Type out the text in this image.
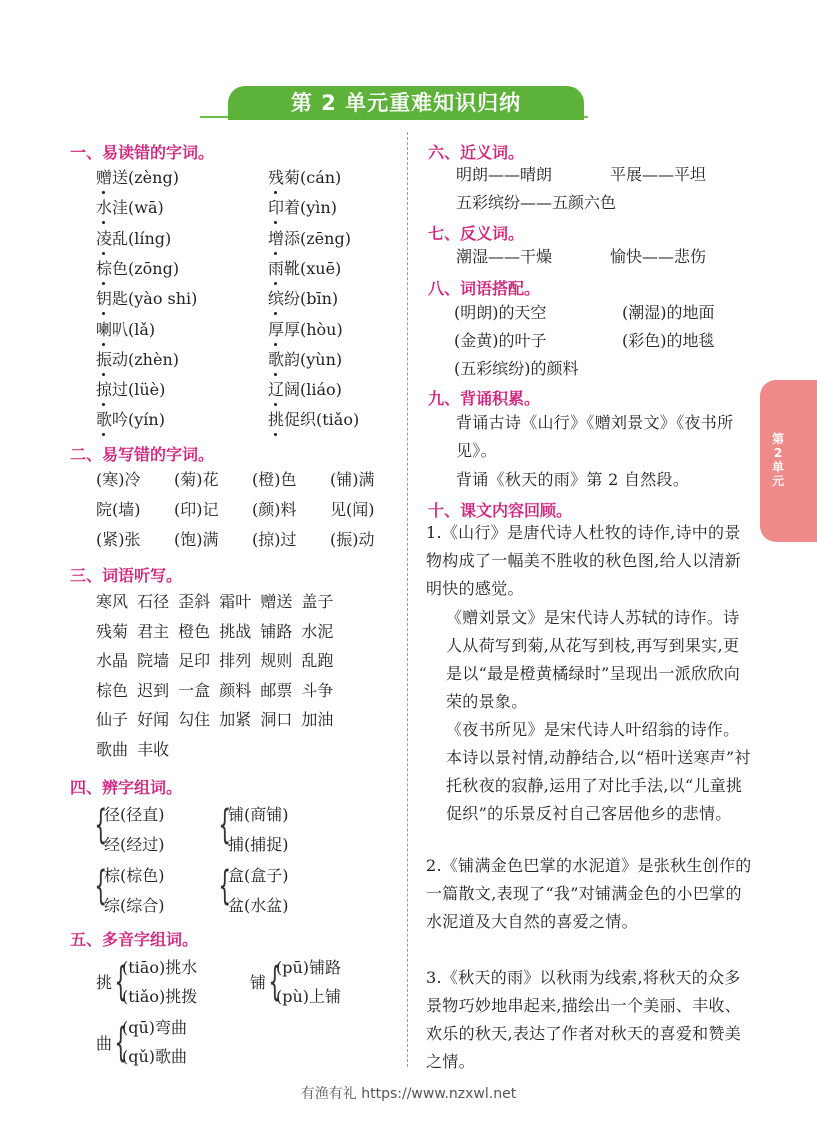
第 2 单元重难知识归纳
第2单元
一、易读错的字词。
赠送(zèng)	残菊(cán)
水洼(wā)	印着(yìn)
凌乱(líng)	增添(zēng)
棕色(zōng)	雨靴(xuē)
钥匙(yào shi)	缤纷(bīn)
喇叭(lǎ)	厚厚(hòu)
振动(zhèn)	歌韵(yùn)
掠过(lüè)	辽阔(liáo)
歌吟(yín)	挑促织(tiǎo)
二、易写错的字词。
(寒)冷 (菊)花 (橙)色 (铺)满
院(墙) (印)记 (颜)料 见(闻)
(紧)张 (饱)满 (掠)过 (振)动
三、词语听写。
寒风 石径 歪斜 霜叶 赠送 盖子
残菊 君主 橙色 挑战 铺路 水泥
水晶 院墙 足印 排列 规则 乱跑
棕色 迟到 一盒 颜料 邮票 斗争
仙子 好闻 勾住 加紧 洞口 加油
歌曲 丰收
四、辨字组词。
{
径(径直)
经(经过) {
铺(商铺)
捕(捕捉)
{
棕(棕色)
综(综合) {
盒(盒子)
盆(水盆)
五、多音字组词。
挑 {
(tiāo)挑水
(tiǎo)挑拨
铺 {
(pū)铺路
(pù)上铺
曲 {
(qū)弯曲
(qǔ)歌曲
六、近义词。
明朗——晴朗	平展——平坦
五彩缤纷——五颜六色
七、反义词。
潮湿——干燥	愉快——悲伤
八、词语搭配。
(明朗)的天空	(潮湿)的地面
(金黄)的叶子	(彩色)的地毯
(五彩缤纷)的颜料
九、背诵积累。
背诵古诗《山行》《赠刘景文》《夜书所见》。
背诵《秋天的雨》第 2 自然段。
十、课文内容回顾。
1.《山行》是唐代诗人杜牧的诗作,诗中的景物构成了一幅美不胜收的秋色图,给人以清新明快的感觉。
《赠刘景文》是宋代诗人苏轼的诗作。诗人从荷写到菊,从花写到枝,再写到果实,更是以“最是橙黄橘绿时”呈现出一派欣欣向荣的景象。
《夜书所见》是宋代诗人叶绍翁的诗作。本诗以景衬情,动静结合,以“梧叶送寒声”衬托秋夜的寂静,运用了对比手法,以“儿童挑促织”的乐景反衬自己客居他乡的悲情。
2.《铺满金色巴掌的水泥道》是张秋生创作的一篇散文,表现了“我”对铺满金色的小巴掌的水泥道及大自然的喜爱之情。
3.《秋天的雨》以秋雨为线索,将秋天的众多景物巧妙地串起来,描绘出一个美丽、丰收、欢乐的秋天,表达了作者对秋天的喜爱和赞美之情。
有渔有礼 https://www.nzxwl.net
